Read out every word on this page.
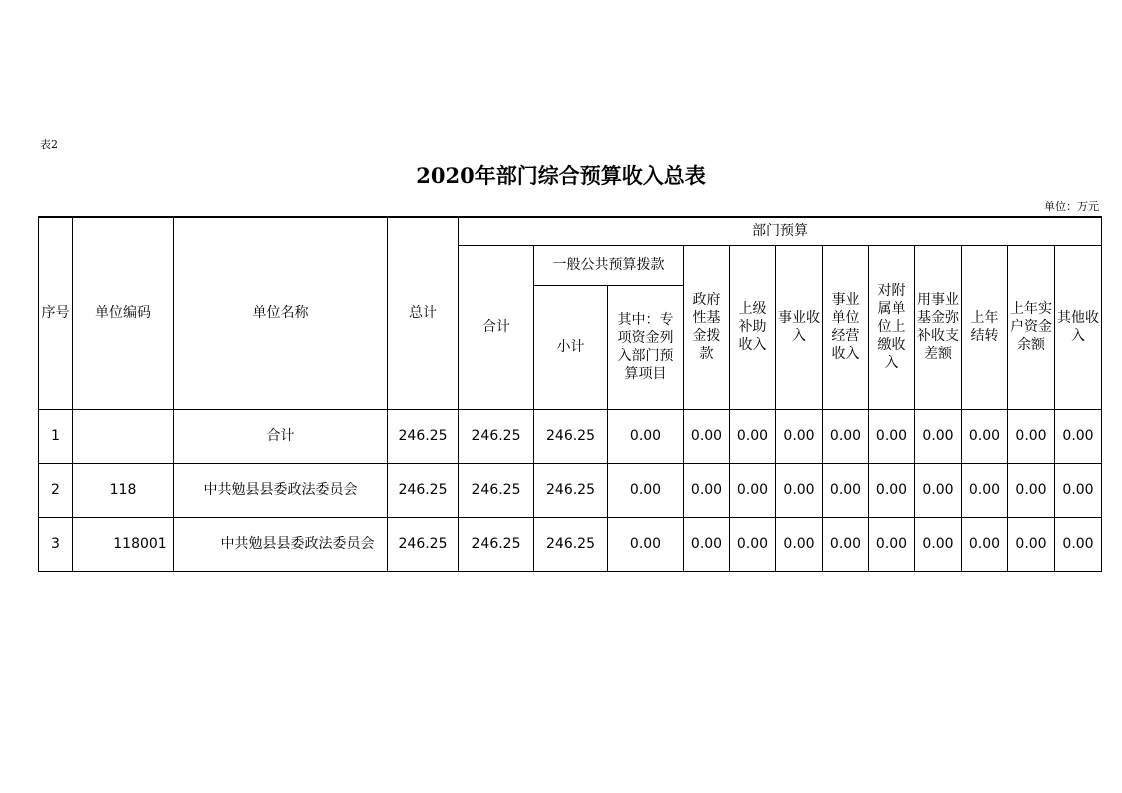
表2
2020年部门综合预算收入总表
单位：万元
序号	单位编码	单位名称	总计	部门预算											
				合计	一般公共预算拨款		政府性基金拨款	上级补助收入	事业收入	事业单位经营收入	对附属单位上缴收入	用事业基金弥补收支差额	上年结转	上年实户资金余额	其他收入
					小计	其中：专项资金列入部门预算项目									
1		合计	246.25	246.25	246.25	0.00	0.00	0.00	0.00	0.00	0.00	0.00	0.00	0.00	0.00
2	118	中共勉县县委政法委员会	246.25	246.25	246.25	0.00	0.00	0.00	0.00	0.00	0.00	0.00	0.00	0.00	0.00
3	118001	中共勉县县委政法委员会	246.25	246.25	246.25	0.00	0.00	0.00	0.00	0.00	0.00	0.00	0.00	0.00	0.00
